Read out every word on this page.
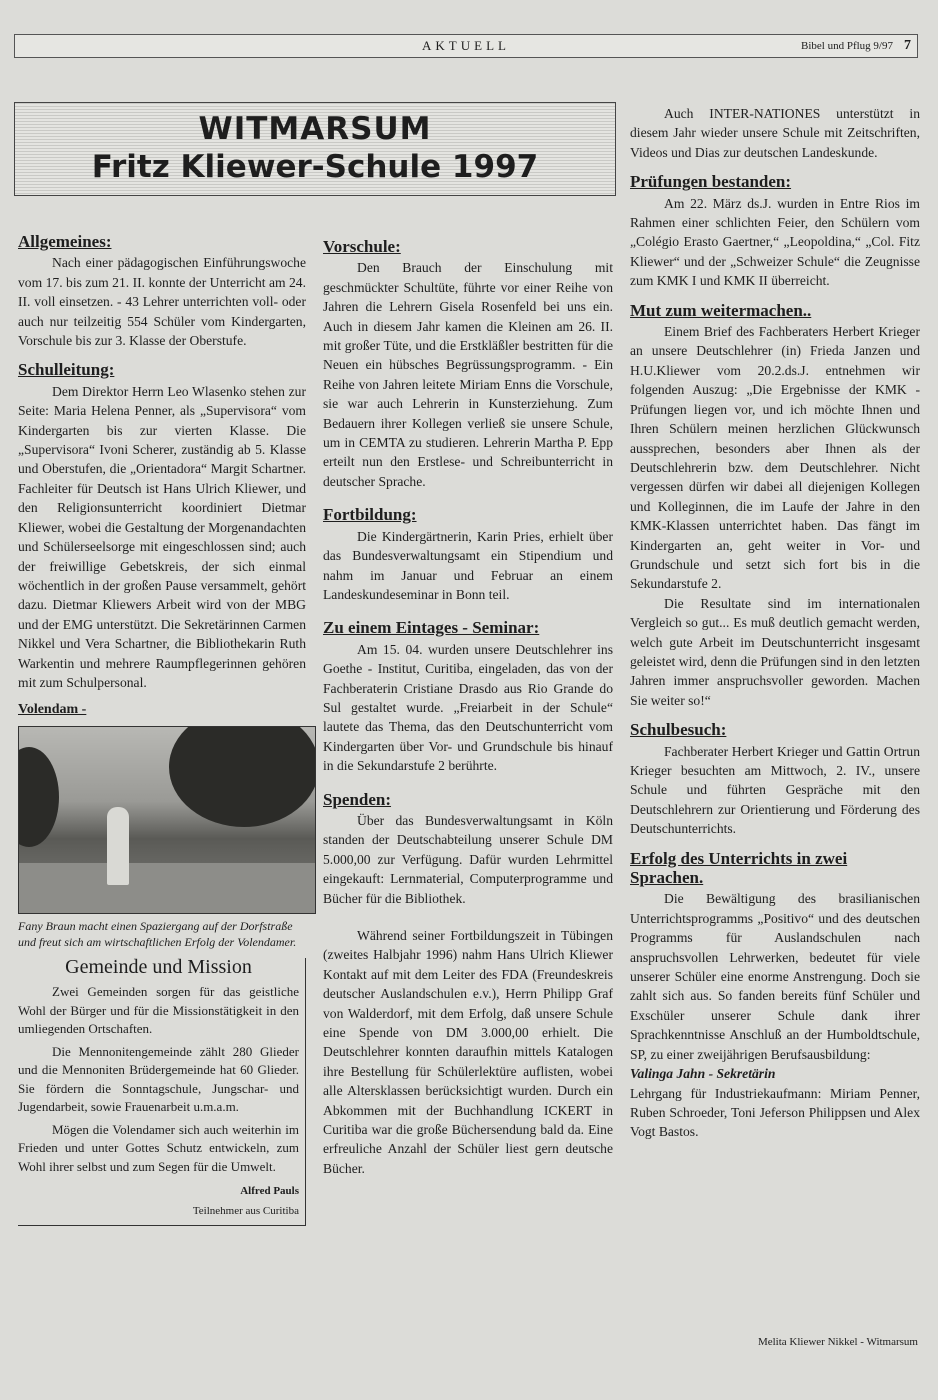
AKTUELL	Bibel und Pflug 9/97 7
WITMARSUM
Fritz Kliewer-Schule 1997
Allgemeines:

Nach einer pädagogischen Einführungswoche vom 17. bis zum 21. II. konnte der Unterricht am 24. II. voll einsetzen. - 43 Lehrer unterrichten voll- oder auch nur teilzeitig 554 Schüler vom Kindergarten, Vorschule bis zur 3. Klasse der Oberstufe.

Schulleitung:

Dem Direktor Herrn Leo Wlasenko stehen zur Seite: Maria Helena Penner, als „Supervisora“ vom Kindergarten bis zur vierten Klasse. Die „Supervisora“ Ivoni Scherer, zuständig ab 5. Klasse und Oberstufen, die „Orientadora“ Margit Schartner. Fachleiter für Deutsch ist Hans Ulrich Kliewer, und den Religionsunterricht koordiniert Dietmar Kliewer, wobei die Gestaltung der Morgenandachten und Schülerseelsorge mit eingeschlossen sind; auch der freiwillige Gebetskreis, der sich einmal wöchentlich in der großen Pause versammelt, gehört dazu. Dietmar Kliewers Arbeit wird von der MBG und der EMG unterstützt. Die Sekretärinnen Carmen Nikkel und Vera Schartner, die Bibliothekarin Ruth Warkentin und mehrere Raumpflegerinnen gehören mit zum Schulpersonal.

Volendam -
Fany Braun macht einen Spaziergang auf der Dorfstraße und freut sich am wirtschaftlichen Erfolg der Volendamer.
Gemeinde und Mission

Zwei Gemeinden sorgen für das geistliche Wohl der Bürger und für die Missionstätigkeit in den umliegenden Ortschaften.

Die Mennonitengemeinde zählt 280 Glieder und die Mennoniten Brüdergemeinde hat 60 Glieder. Sie fördern die Sonntagschule, Jungschar- und Jugendarbeit, sowie Frauenarbeit u.m.a.m.

Mögen die Volendamer sich auch weiterhin im Frieden und unter Gottes Schutz entwickeln, zum Wohl ihrer selbst und zum Segen für die Umwelt.

Alfred Pauls
Teilnehmer aus Curitiba
Vorschule:

Den Brauch der Einschulung mit geschmückter Schultüte, führte vor einer Reihe von Jahren die Lehrern Gisela Rosenfeld bei uns ein. Auch in diesem Jahr kamen die Kleinen am 26. II. mit großer Tüte, und die Erstkläßler bestritten für die Neuen ein hübsches Begrüssungsprogramm. - Ein Reihe von Jahren leitete Miriam Enns die Vorschule, sie war auch Lehrerin in Kunsterziehung. Zum Bedauern ihrer Kollegen verließ sie unsere Schule, um in CEMTA zu studieren. Lehrerin Martha P. Epp erteilt nun den Erstlese- und Schreibunterricht in deutscher Sprache.

Fortbildung:

Die Kindergärtnerin, Karin Pries, erhielt über das Bundesverwaltungsamt ein Stipendium und nahm im Januar und Februar an einem Landeskundeseminar in Bonn teil.

Zu einem Eintages - Seminar:

Am 15. 04. wurden unsere Deutschlehrer ins Goethe - Institut, Curitiba, eingeladen, das von der Fachberaterin Cristiane Drasdo aus Rio Grande do Sul gestaltet wurde. „Freiarbeit in der Schule“ lautete das Thema, das den Deutschunterricht vom Kindergarten über Vor- und Grundschule bis hinauf in die Sekundarstufe 2 berührte.

Spenden:

Über das Bundesverwaltungsamt in Köln standen der Deutschabteilung unserer Schule DM 5.000,00 zur Verfügung. Dafür wurden Lehrmittel eingekauft: Lernmaterial, Computerprogramme und Bücher für die Bibliothek.

Während seiner Fortbildungszeit in Tübingen (zweites Halbjahr 1996) nahm Hans Ulrich Kliewer Kontakt auf mit dem Leiter des FDA (Freundeskreis deutscher Auslandschulen e.v.), Herrn Philipp Graf von Walderdorf, mit dem Erfolg, daß unsere Schule eine Spende von DM 3.000,00 erhielt. Die Deutschlehrer konnten daraufhin mittels Katalogen ihre Bestellung für Schülerlektüre auflisten, wobei alle Altersklassen berücksichtigt wurden. Durch ein Abkommen mit der Buchhandlung ICKERT in Curitiba war die große Büchersendung bald da. Eine erfreuliche Anzahl der Schüler liest gern deutsche Bücher.

Auch INTER-NATIONES unterstützt in diesem Jahr wieder unsere Schule mit Zeitschriften, Videos und Dias zur deutschen Landeskunde.

Prüfungen bestanden:

Am 22. März ds.J. wurden in Entre Rios im Rahmen einer schlichten Feier, den Schülern vom „Colégio Erasto Gaertner,“ „Leopoldina,“ „Col. Fitz Kliewer“ und der „Schweizer Schule“ die Zeugnisse zum KMK I und KMK II überreicht.

Mut zum weitermachen..

Einem Brief des Fachberaters Herbert Krieger an unsere Deutschlehrer (in) Frieda Janzen und H.U.Kliewer vom 20.2.ds.J. entnehmen wir folgenden Auszug: „Die Ergebnisse der KMK - Prüfungen liegen vor, und ich möchte Ihnen und Ihren Schülern meinen herzlichen Glückwunsch aussprechen, besonders aber Ihnen als der Deutschlehrerin bzw. dem Deutschlehrer. Nicht vergessen dürfen wir dabei all diejenigen Kollegen und Kolleginnen, die im Laufe der Jahre in den KMK-Klassen unterrichtet haben. Das fängt im Kindergarten an, geht weiter in Vor- und Grundschule und setzt sich fort bis in die Sekundarstufe 2.

Die Resultate sind im internationalen Vergleich so gut... Es muß deutlich gemacht werden, welch gute Arbeit im Deutschunterricht insgesamt geleistet wird, denn die Prüfungen sind in den letzten Jahren immer anspruchsvoller geworden. Machen Sie weiter so!“

Schulbesuch:

Fachberater Herbert Krieger und Gattin Ortrun Krieger besuchten am Mittwoch, 2. IV., unsere Schule und führten Gespräche mit den Deutschlehrern zur Orientierung und Förderung des Deutschunterrichts.

Erfolg des Unterrichts in zwei Sprachen.

Die Bewältigung des brasilianischen Unterrichtsprogramms „Positivo“ und des deutschen Programms für Auslandschulen nach anspruchsvollen Lehrwerken, bedeutet für viele unserer Schüler eine enorme Anstrengung. Doch sie zahlt sich aus. So fanden bereits fünf Schüler und Exschüler unserer Schule dank ihrer Sprachkenntnisse Anschluß an der Humboldtschule, SP, zu einer zweijährigen Berufsausbildung:

Valinga Jahn - Sekretärin

Lehrgang für Industriekaufmann: Miriam Penner, Ruben Schroeder, Toni Jeferson Philippsen und Alex Vogt Bastos.

Melita Kliewer Nikkel - Witmarsum
